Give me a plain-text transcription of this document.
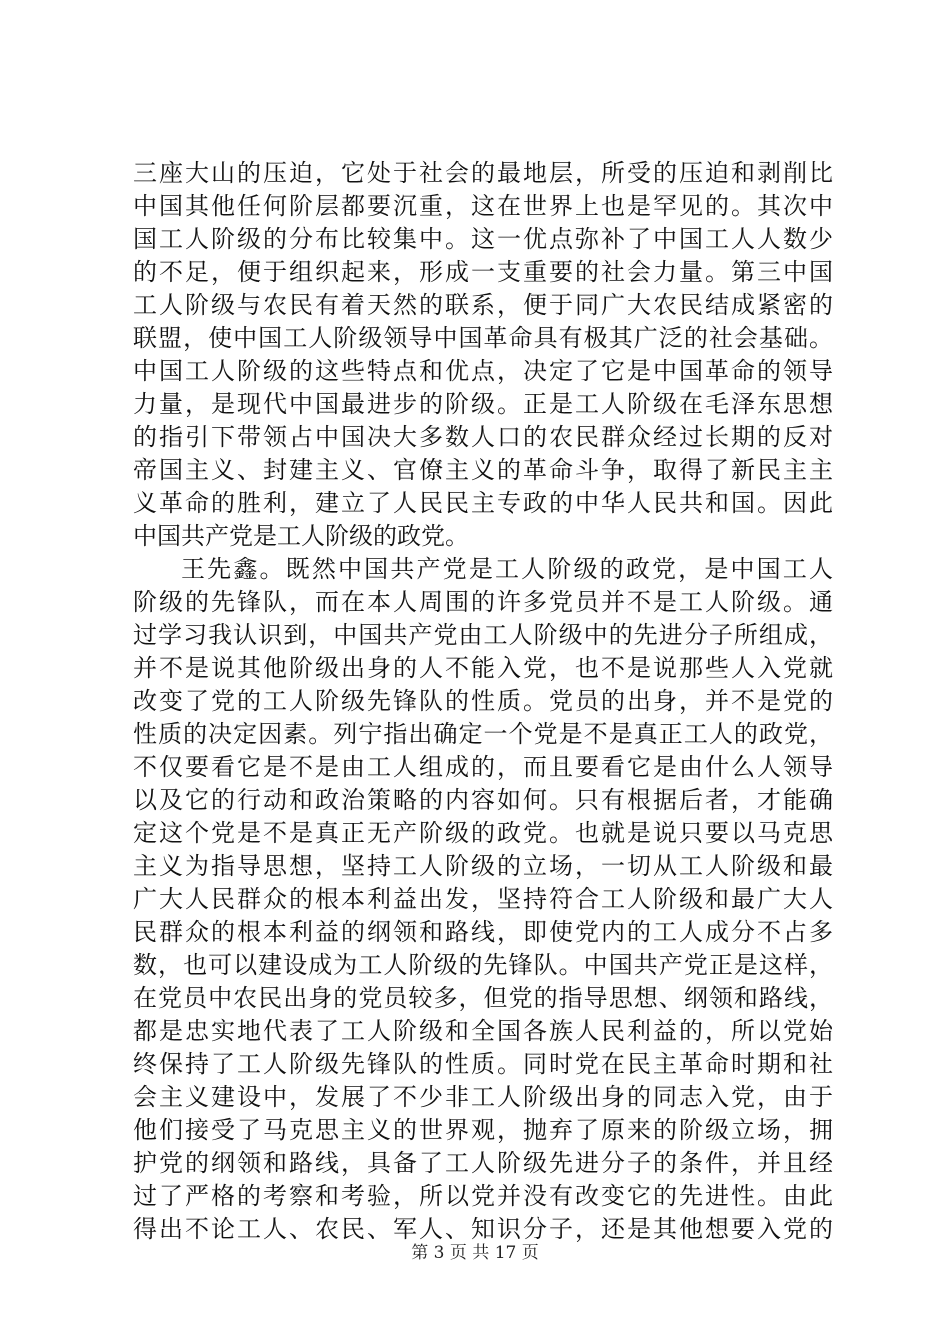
三座大山的压迫，它处于社会的最地层，所受的压迫和剥削比
中国其他任何阶层都要沉重，这在世界上也是罕见的。其次中
国工人阶级的分布比较集中。这一优点弥补了中国工人人数少
的不足，便于组织起来，形成一支重要的社会力量。第三中国
工人阶级与农民有着天然的联系，便于同广大农民结成紧密的
联盟，使中国工人阶级领导中国革命具有极其广泛的社会基础。
中国工人阶级的这些特点和优点，决定了它是中国革命的领导
力量，是现代中国最进步的阶级。正是工人阶级在毛泽东思想
的指引下带领占中国决大多数人口的农民群众经过长期的反对
帝国主义、封建主义、官僚主义的革命斗争，取得了新民主主
义革命的胜利，建立了人民民主专政的中华人民共和国。因此
中国共产党是工人阶级的政党。
王先鑫。既然中国共产党是工人阶级的政党，是中国工人
阶级的先锋队，而在本人周围的许多党员并不是工人阶级。通
过学习我认识到，中国共产党由工人阶级中的先进分子所组成，
并不是说其他阶级出身的人不能入党，也不是说那些人入党就
改变了党的工人阶级先锋队的性质。党员的出身，并不是党的
性质的决定因素。列宁指出确定一个党是不是真正工人的政党，
不仅要看它是不是由工人组成的，而且要看它是由什么人领导
以及它的行动和政治策略的内容如何。只有根据后者，才能确
定这个党是不是真正无产阶级的政党。也就是说只要以马克思
主义为指导思想，坚持工人阶级的立场，一切从工人阶级和最
广大人民群众的根本利益出发，坚持符合工人阶级和最广大人
民群众的根本利益的纲领和路线，即使党内的工人成分不占多
数，也可以建设成为工人阶级的先锋队。中国共产党正是这样，
在党员中农民出身的党员较多，但党的指导思想、纲领和路线，
都是忠实地代表了工人阶级和全国各族人民利益的，所以党始
终保持了工人阶级先锋队的性质。同时党在民主革命时期和社
会主义建设中，发展了不少非工人阶级出身的同志入党，由于
他们接受了马克思主义的世界观，抛弃了原来的阶级立场，拥
护党的纲领和路线，具备了工人阶级先进分子的条件，并且经
过了严格的考察和考验，所以党并没有改变它的先进性。由此
得出不论工人、农民、军人、知识分子，还是其他想要入党的
第 3 页 共 17 页
